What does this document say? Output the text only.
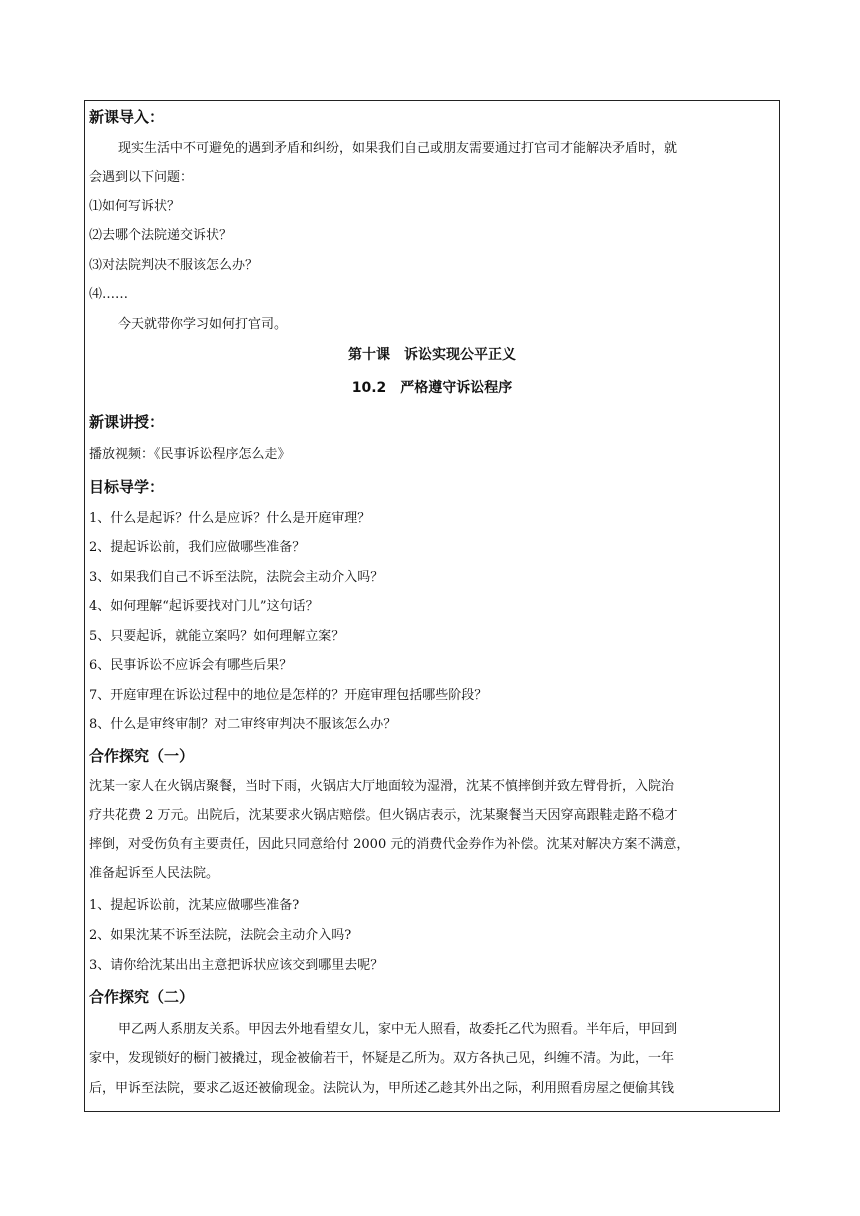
新课导入：
现实生活中不可避免的遇到矛盾和纠纷，如果我们自己或朋友需要通过打官司才能解决矛盾时，就
会遇到以下问题：
⑴如何写诉状？
⑵去哪个法院递交诉状？
⑶对法院判决不服该怎么办？
⑷……
今天就带你学习如何打官司。
第十课　诉讼实现公平正义
10.2　严格遵守诉讼程序
新课讲授：
播放视频：《民事诉讼程序怎么走》
目标导学：
1、什么是起诉？什么是应诉？什么是开庭审理？
2、提起诉讼前，我们应做哪些准备？
3、如果我们自己不诉至法院，法院会主动介入吗？
4、如何理解“起诉要找对门儿”这句话？
5、只要起诉，就能立案吗？如何理解立案？
6、民事诉讼不应诉会有哪些后果？
7、开庭审理在诉讼过程中的地位是怎样的？开庭审理包括哪些阶段？
8、什么是审终审制？对二审终审判决不服该怎么办？
合作探究（一）
沈某一家人在火锅店聚餐，当时下雨，火锅店大厅地面较为湿滑，沈某不慎摔倒并致左臂骨折，入院治
疗共花费 2 万元。出院后，沈某要求火锅店赔偿。但火锅店表示，沈某聚餐当天因穿高跟鞋走路不稳才
摔倒，对受伤负有主要责任，因此只同意给付 2000 元的消费代金券作为补偿。沈某对解决方案不满意，
准备起诉至人民法院。
1、提起诉讼前，沈某应做哪些准备?
2、如果沈某不诉至法院，法院会主动介入吗?
3、请你给沈某出出主意把诉状应该交到哪里去呢？
合作探究（二）
甲乙两人系朋友关系。甲因去外地看望女儿，家中无人照看，故委托乙代为照看。半年后，甲回到
家中，发现锁好的橱门被撬过，现金被偷若干，怀疑是乙所为。双方各执己见，纠缠不清。为此，一年
后，甲诉至法院，要求乙返还被偷现金。法院认为，甲所述乙趁其外出之际，利用照看房屋之便偷其钱
